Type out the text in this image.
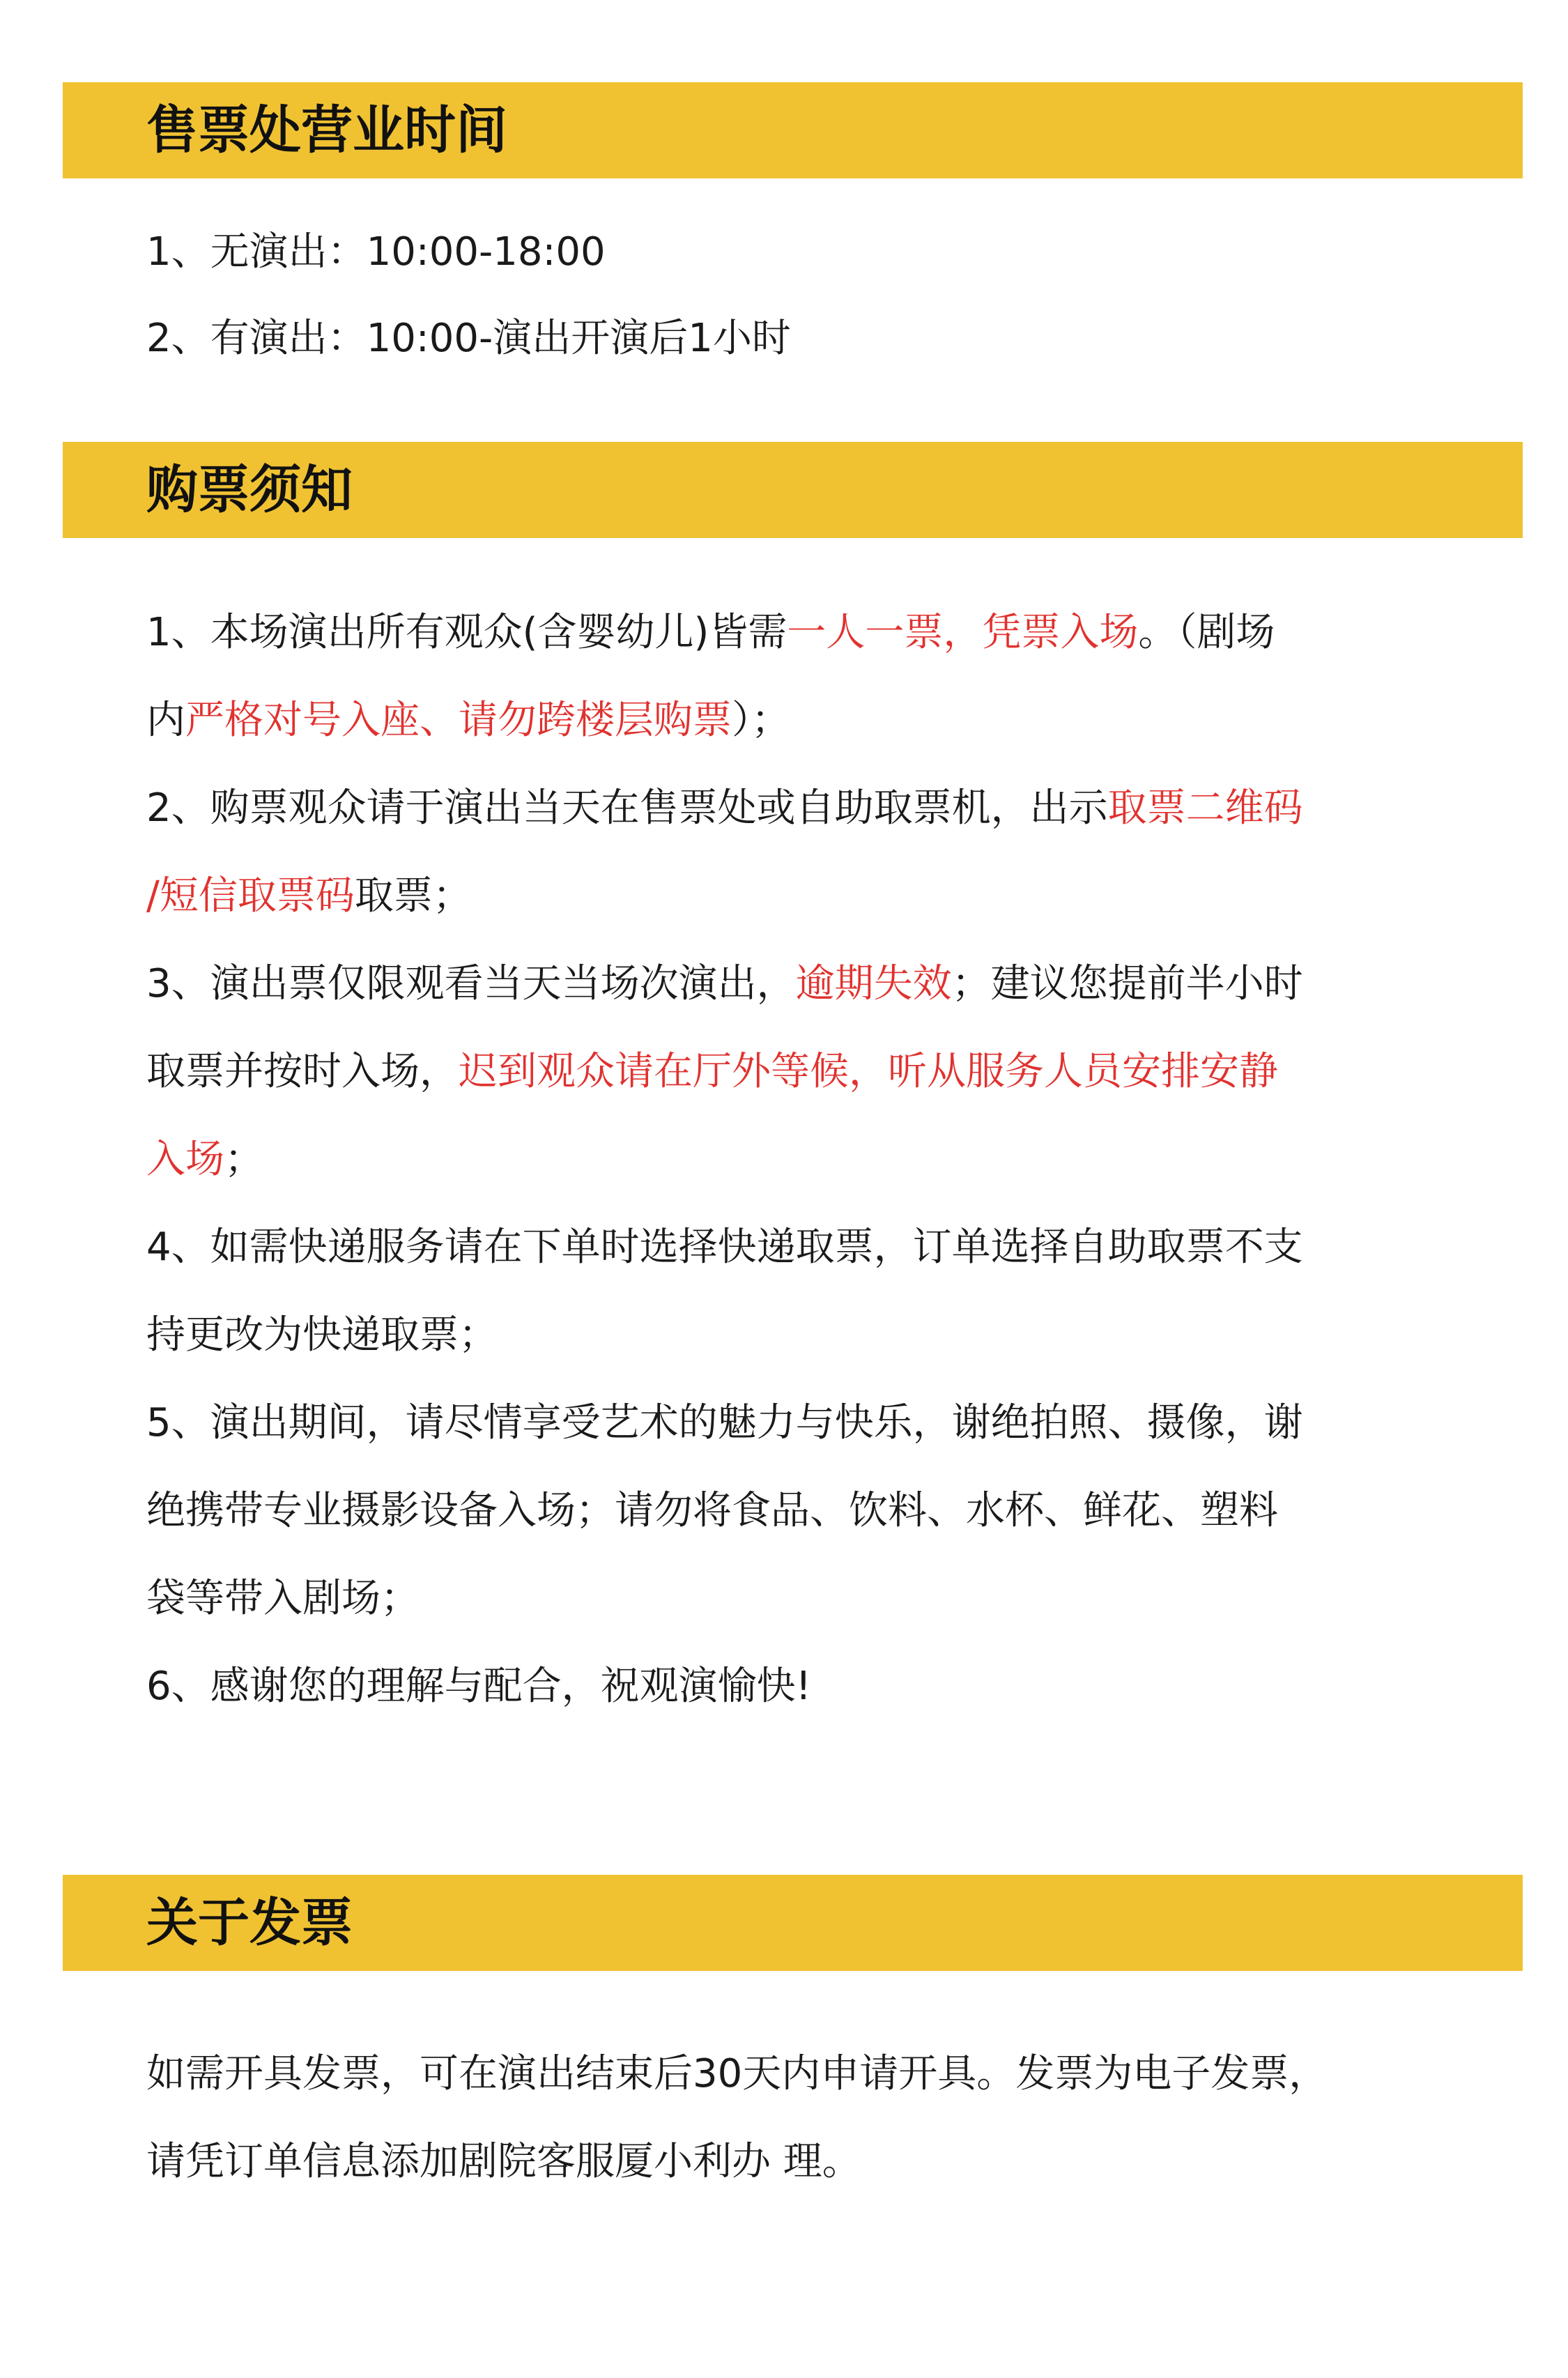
售票处营业时间
1、无演出：10:00-18:00
2、有演出：10:00-演出开演后1小时
购票须知
1、本场演出所有观众(含婴幼儿)皆需一人一票，凭票入场。（剧场
内严格对号入座、请勿跨楼层购票）；
2、购票观众请于演出当天在售票处或自助取票机，出示取票二维码
/短信取票码取票；
3、演出票仅限观看当天当场次演出，逾期失效；建议您提前半小时
取票并按时入场，迟到观众请在厅外等候，听从服务人员安排安静
入场；
4、如需快递服务请在下单时选择快递取票，订单选择自助取票不支
持更改为快递取票；
5、演出期间，请尽情享受艺术的魅力与快乐，谢绝拍照、摄像，谢
绝携带专业摄影设备入场；请勿将食品、饮料、水杯、鲜花、塑料
袋等带入剧场；
6、感谢您的理解与配合，祝观演愉快!
关于发票
如需开具发票，可在演出结束后30天内申请开具。发票为电子发票，
请凭订单信息添加剧院客服厦小利办 理。
